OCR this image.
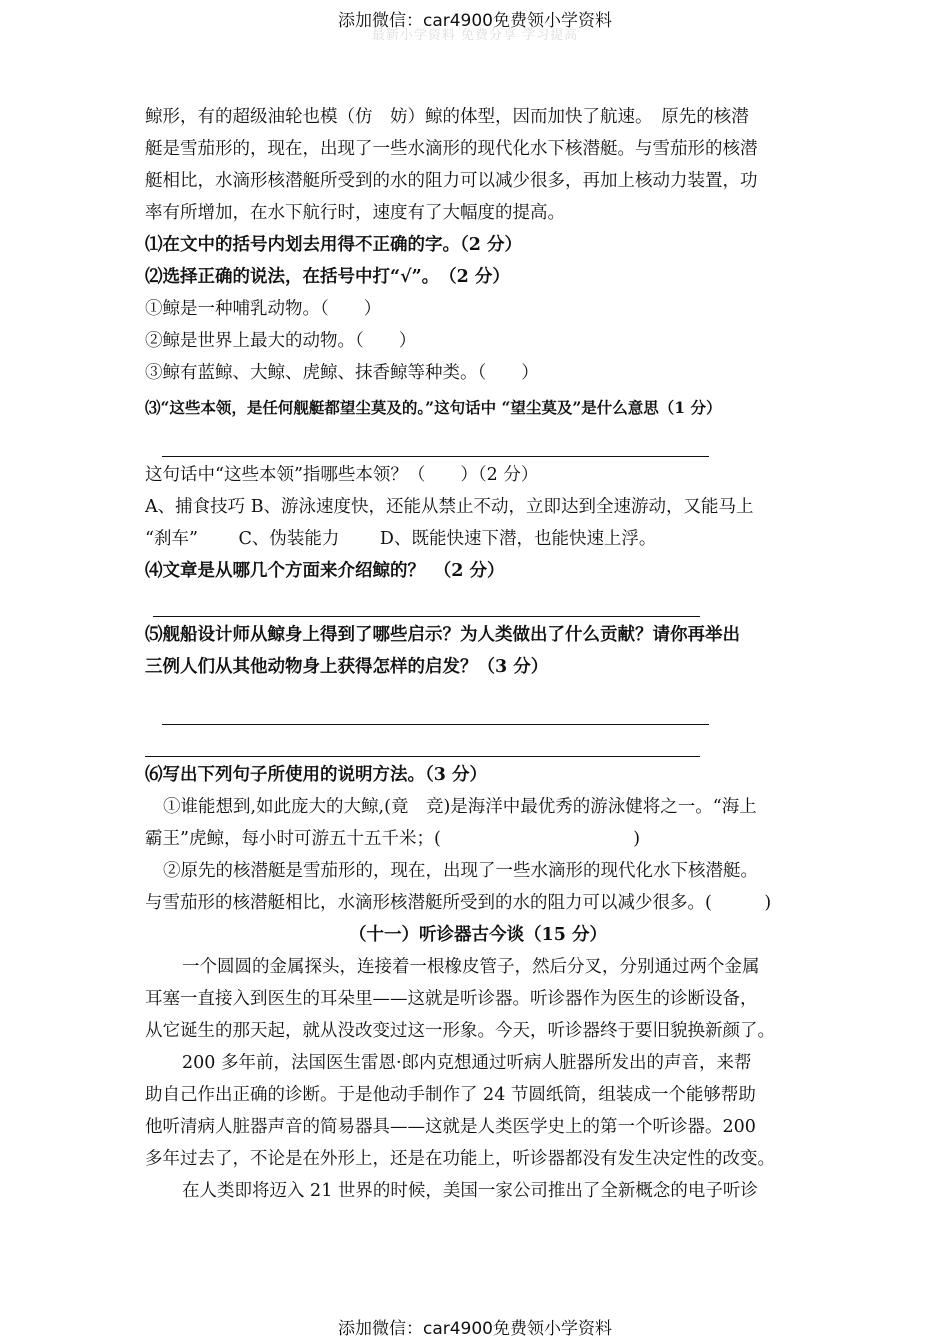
添加微信：car4900免费领小学资料
最新小学资料 免费分享 学习提高
鲸形，有的超级油轮也模（仿　妨）鲸的体型，因而加快了航速。　原先的核潜
艇是雪茄形的，现在，出现了一些水滴形的现代化水下核潜艇。与雪茄形的核潜
艇相比，水滴形核潜艇所受到的水的阻力可以减少很多，再加上核动力装置，功
率有所增加，在水下航行时，速度有了大幅度的提高。
⑴在文中的括号内划去用得不正确的字。（2 分）
⑵选择正确的说法，在括号中打“√”。　（2 分）
①鲸是一种哺乳动物。（　　）
②鲸是世界上最大的动物。（　　）
③鲸有蓝鲸、大鲸、虎鲸、抹香鲸等种类。（　　）
⑶“这些本领，是任何舰艇都望尘莫及的。”这句话中 “望尘莫及”是什么意思（1 分）
这句话中“这些本领”指哪些本领？（　　）（2 分）
A、捕食技巧 B、游泳速度快，还能从禁止不动，立即达到全速游动，又能马上
“刹车”　　 C、伪装能力　　 D、既能快速下潜，也能快速上浮。
⑷文章是从哪几个方面来介绍鲸的？　（2 分）
⑸舰船设计师从鲸身上得到了哪些启示？为人类做出了什么贡献？请你再举出
三例人们从其他动物身上获得怎样的启发？（3 分）
⑹写出下列句子所使用的说明方法。（3 分）
①谁能想到,如此庞大的大鲸,(竟　竞)是海洋中最优秀的游泳健将之一。“海上
霸王”虎鲸，每小时可游五十五千米；(　　　　　　　　　　　)
②原先的核潜艇是雪茄形的，现在，出现了一些水滴形的现代化水下核潜艇。
与雪茄形的核潜艇相比，水滴形核潜艇所受到的水的阻力可以减少很多。(　　　)
（十一）听诊器古今谈（15 分）
一个圆圆的金属探头，连接着一根橡皮管子，然后分叉，分别通过两个金属
耳塞一直接入到医生的耳朵里——这就是听诊器。听诊器作为医生的诊断设备，
从它诞生的那天起，就从没改变过这一形象。今天，听诊器终于要旧貌换新颜了。
200 多年前，法国医生雷恩·郎内克想通过听病人脏器所发出的声音，来帮
助自己作出正确的诊断。于是他动手制作了 24 节圆纸筒，组装成一个能够帮助
他听清病人脏器声音的简易器具——这就是人类医学史上的第一个听诊器。200
多年过去了，不论是在外形上，还是在功能上，听诊器都没有发生决定性的改变。
在人类即将迈入 21 世界的时候，美国一家公司推出了全新概念的电子听诊
添加微信：car4900免费领小学资料
